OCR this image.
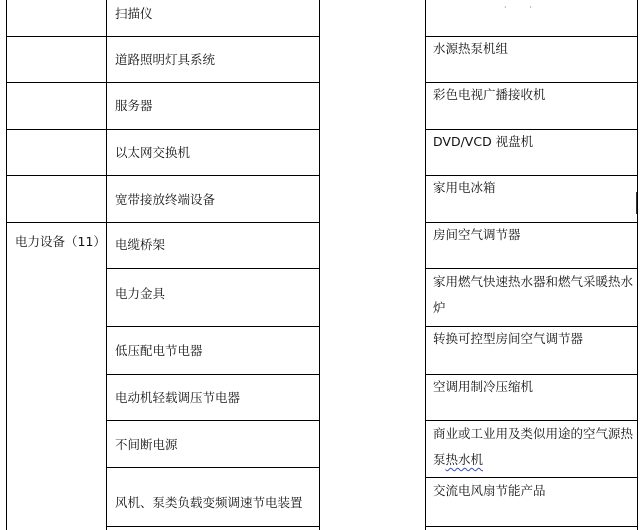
·         ·
电力设备（11）
扫描仪
道路照明灯具系统
服务器
以太网交换机
宽带接放终端设备
电缆桥架
电力金具
低压配电节电器
电动机轻载调压节电器
不间断电源
风机、泵类负载变频调速节电装置
水源热泵机组
彩色电视广播接收机
DVD/VCD 视盘机
家用电冰箱
房间空气调节器
家用燃气快速热水器和燃气采暖热水炉
转换可控型房间空气调节器
空调用制冷压缩机
商业或工业用及类似用途的空气源热泵热水机
交流电风扇节能产品
